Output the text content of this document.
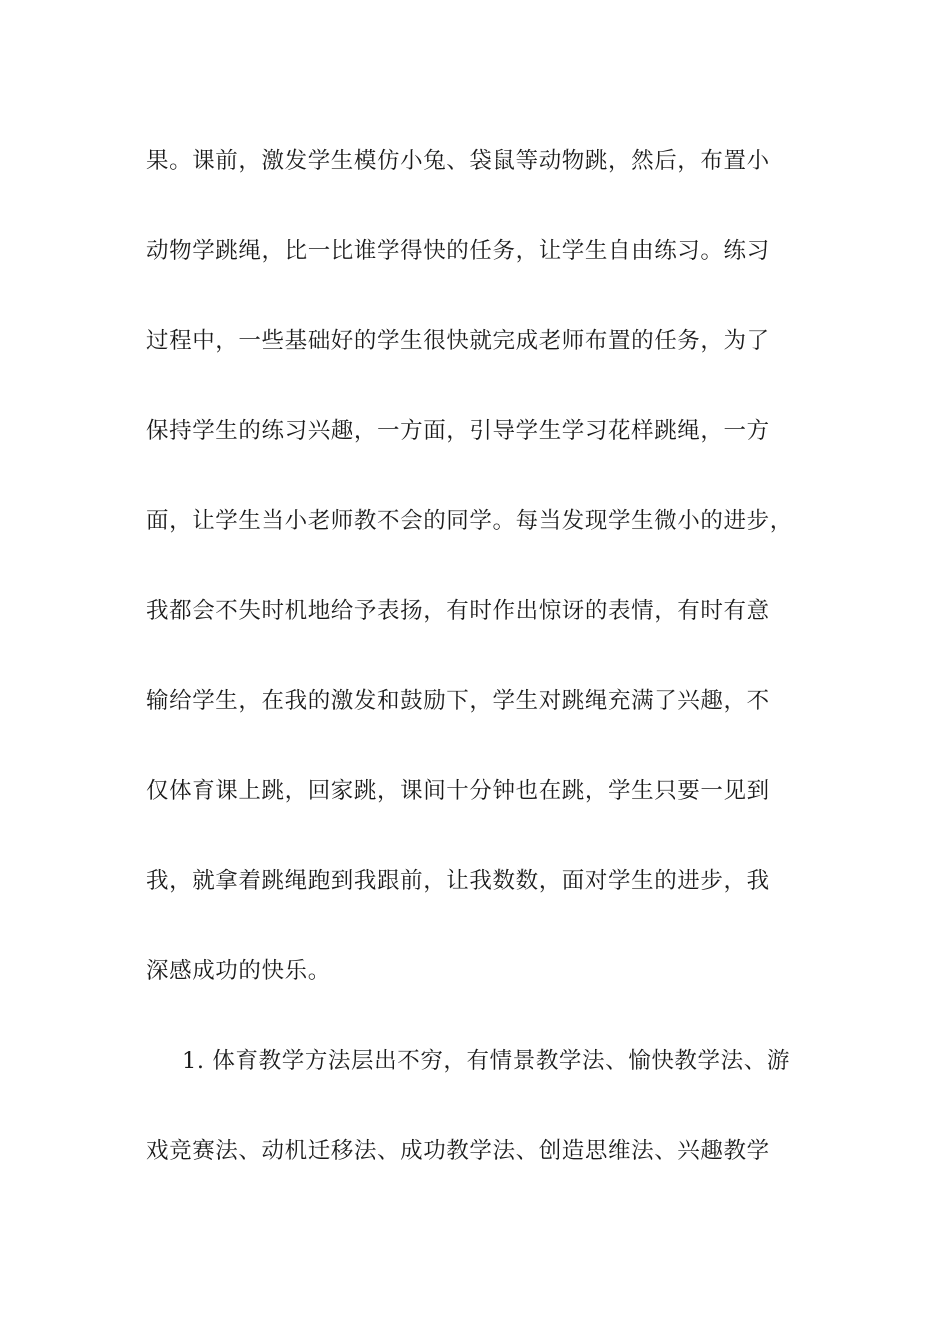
果。课前，激发学生模仿小兔、袋鼠等动物跳，然后，布置小
动物学跳绳，比一比谁学得快的任务，让学生自由练习。练习
过程中，一些基础好的学生很快就完成老师布置的任务，为了
保持学生的练习兴趣，一方面，引导学生学习花样跳绳，一方
面，让学生当小老师教不会的同学。每当发现学生微小的进步，
我都会不失时机地给予表扬，有时作出惊讶的表情，有时有意
输给学生，在我的激发和鼓励下，学生对跳绳充满了兴趣，不
仅体育课上跳，回家跳，课间十分钟也在跳，学生只要一见到
我，就拿着跳绳跑到我跟前，让我数数，面对学生的进步，我
深感成功的快乐。
1. 体育教学方法层出不穷，有情景教学法、愉快教学法、游
戏竞赛法、动机迁移法、成功教学法、创造思维法、兴趣教学
